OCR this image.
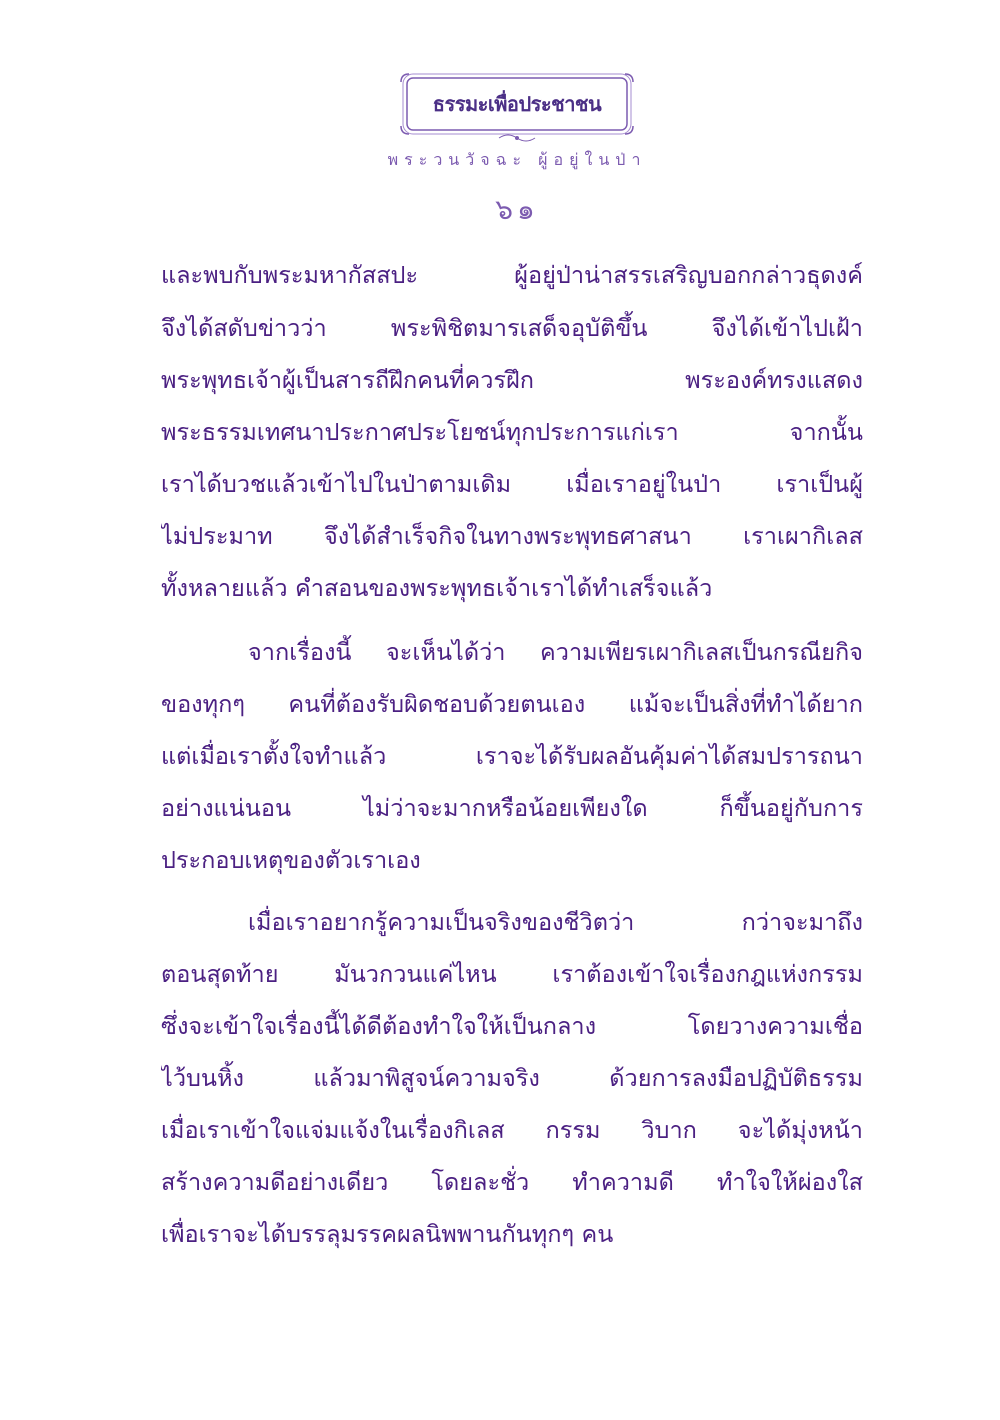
ธรรมะเพื่อประชาชน
พระวนวัจฉะ ผู้อยู่ในป่า
๖๑
และพบกับพระมหากัสสปะ ผู้อยู่ป่าน่าสรรเสริญบอกกล่าวธุดงค์
จึงได้สดับข่าวว่า พระพิชิตมารเสด็จอุบัติขึ้น จึงได้เข้าไปเฝ้า
พระพุทธเจ้าผู้เป็นสารถีฝึกคนที่ควรฝึก พระองค์ทรงแสดง
พระธรรมเทศนาประกาศประโยชน์ทุกประการแก่เรา จากนั้น
เราได้บวชแล้วเข้าไปในป่าตามเดิม เมื่อเราอยู่ในป่า เราเป็นผู้
ไม่ประมาท จึงได้สำเร็จกิจในทางพระพุทธศาสนา เราเผากิเลส
ทั้งหลายแล้ว คำสอนของพระพุทธเจ้าเราได้ทำเสร็จแล้ว
จากเรื่องนี้ จะเห็นได้ว่า ความเพียรเผากิเลสเป็นกรณียกิจ
ของทุกๆ คนที่ต้องรับผิดชอบด้วยตนเอง แม้จะเป็นสิ่งที่ทำได้ยาก
แต่เมื่อเราตั้งใจทำแล้ว เราจะได้รับผลอันคุ้มค่าได้สมปรารถนา
อย่างแน่นอน ไม่ว่าจะมากหรือน้อยเพียงใด ก็ขึ้นอยู่กับการ
ประกอบเหตุของตัวเราเอง
เมื่อเราอยากรู้ความเป็นจริงของชีวิตว่า กว่าจะมาถึง
ตอนสุดท้าย มันวกวนแค่ไหน เราต้องเข้าใจเรื่องกฎแห่งกรรม
ซึ่งจะเข้าใจเรื่องนี้ได้ดีต้องทำใจให้เป็นกลาง โดยวางความเชื่อ
ไว้บนหิ้ง แล้วมาพิสูจน์ความจริง ด้วยการลงมือปฏิบัติธรรม
เมื่อเราเข้าใจแจ่มแจ้งในเรื่องกิเลส กรรม วิบาก จะได้มุ่งหน้า
สร้างความดีอย่างเดียว โดยละชั่ว ทำความดี ทำใจให้ผ่องใส
เพื่อเราจะได้บรรลุมรรคผลนิพพานกันทุกๆ คน
